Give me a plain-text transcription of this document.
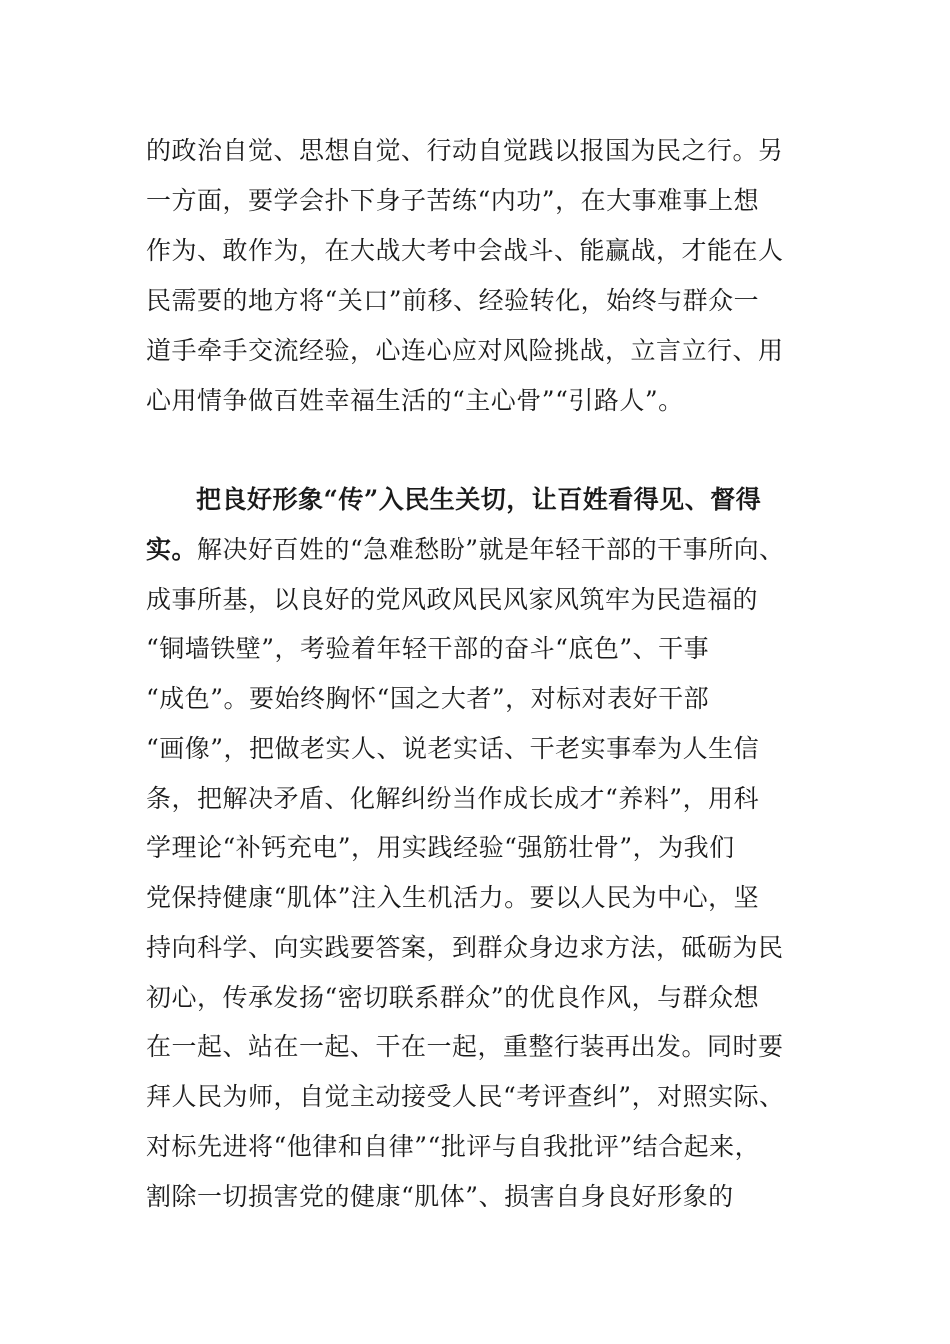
的政治自觉、思想自觉、行动自觉践以报国为民之行。另
一方面，要学会扑下身子苦练“内功”，在大事难事上想
作为、敢作为，在大战大考中会战斗、能赢战，才能在人
民需要的地方将“关口”前移、经验转化，始终与群众一
道手牵手交流经验，心连心应对风险挑战，立言立行、用
心用情争做百姓幸福生活的“主心骨”“引路人”。
把良好形象“传”入民生关切，让百姓看得见、督得
实。解决好百姓的“急难愁盼”就是年轻干部的干事所向、
成事所基，以良好的党风政风民风家风筑牢为民造福的
“铜墙铁壁”，考验着年轻干部的奋斗“底色”、干事
“成色”。要始终胸怀“国之大者”，对标对表好干部
“画像”，把做老实人、说老实话、干老实事奉为人生信
条，把解决矛盾、化解纠纷当作成长成才“养料”，用科
学理论“补钙充电”，用实践经验“强筋壮骨”，为我们
党保持健康“肌体”注入生机活力。要以人民为中心，坚
持向科学、向实践要答案，到群众身边求方法，砥砺为民
初心，传承发扬“密切联系群众”的优良作风，与群众想
在一起、站在一起、干在一起，重整行装再出发。同时要
拜人民为师，自觉主动接受人民“考评查纠”，对照实际、
对标先进将“他律和自律”“批评与自我批评”结合起来，
割除一切损害党的健康“肌体”、损害自身良好形象的
